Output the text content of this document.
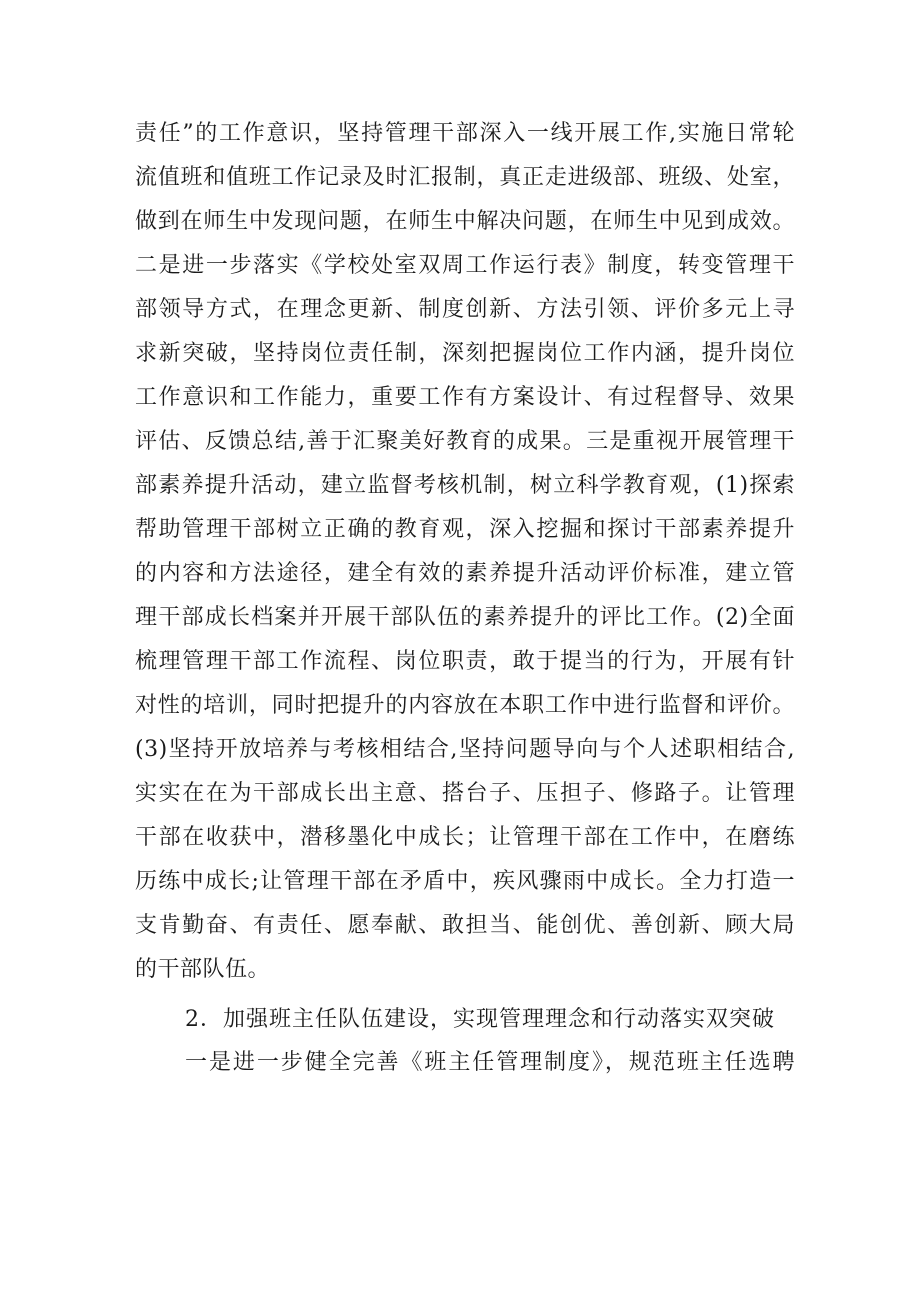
责任”的工作意识，坚持管理干部深入一线开展工作,实施日常轮
流值班和值班工作记录及时汇报制，真正走进级部、班级、处室，
做到在师生中发现问题，在师生中解决问题，在师生中见到成效。
二是进一步落实《学校处室双周工作运行表》制度，转变管理干
部领导方式，在理念更新、制度创新、方法引领、评价多元上寻
求新突破，坚持岗位责任制，深刻把握岗位工作内涵，提升岗位
工作意识和工作能力，重要工作有方案设计、有过程督导、效果
评估、反馈总结,善于汇聚美好教育的成果。三是重视开展管理干
部素养提升活动，建立监督考核机制，树立科学教育观，(1)探索
帮助管理干部树立正确的教育观，深入挖掘和探讨干部素养提升
的内容和方法途径，建全有效的素养提升活动评价标准，建立管
理干部成长档案并开展干部队伍的素养提升的评比工作。(2)全面
梳理管理干部工作流程、岗位职责，敢于提当的行为，开展有针
对性的培训，同时把提升的内容放在本职工作中进行监督和评价。
(3)坚持开放培养与考核相结合,坚持问题导向与个人述职相结合,
实实在在为干部成长出主意、搭台子、压担子、修路子。让管理
干部在收获中，潜移墨化中成长；让管理干部在工作中，在磨练
历练中成长;让管理干部在矛盾中，疾风骤雨中成长。全力打造一
支肯勤奋、有责任、愿奉献、敢担当、能创优、善创新、顾大局
的干部队伍。
2．加强班主任队伍建设，实现管理理念和行动落实双突破
一是进一步健全完善《班主任管理制度》，规范班主任选聘
